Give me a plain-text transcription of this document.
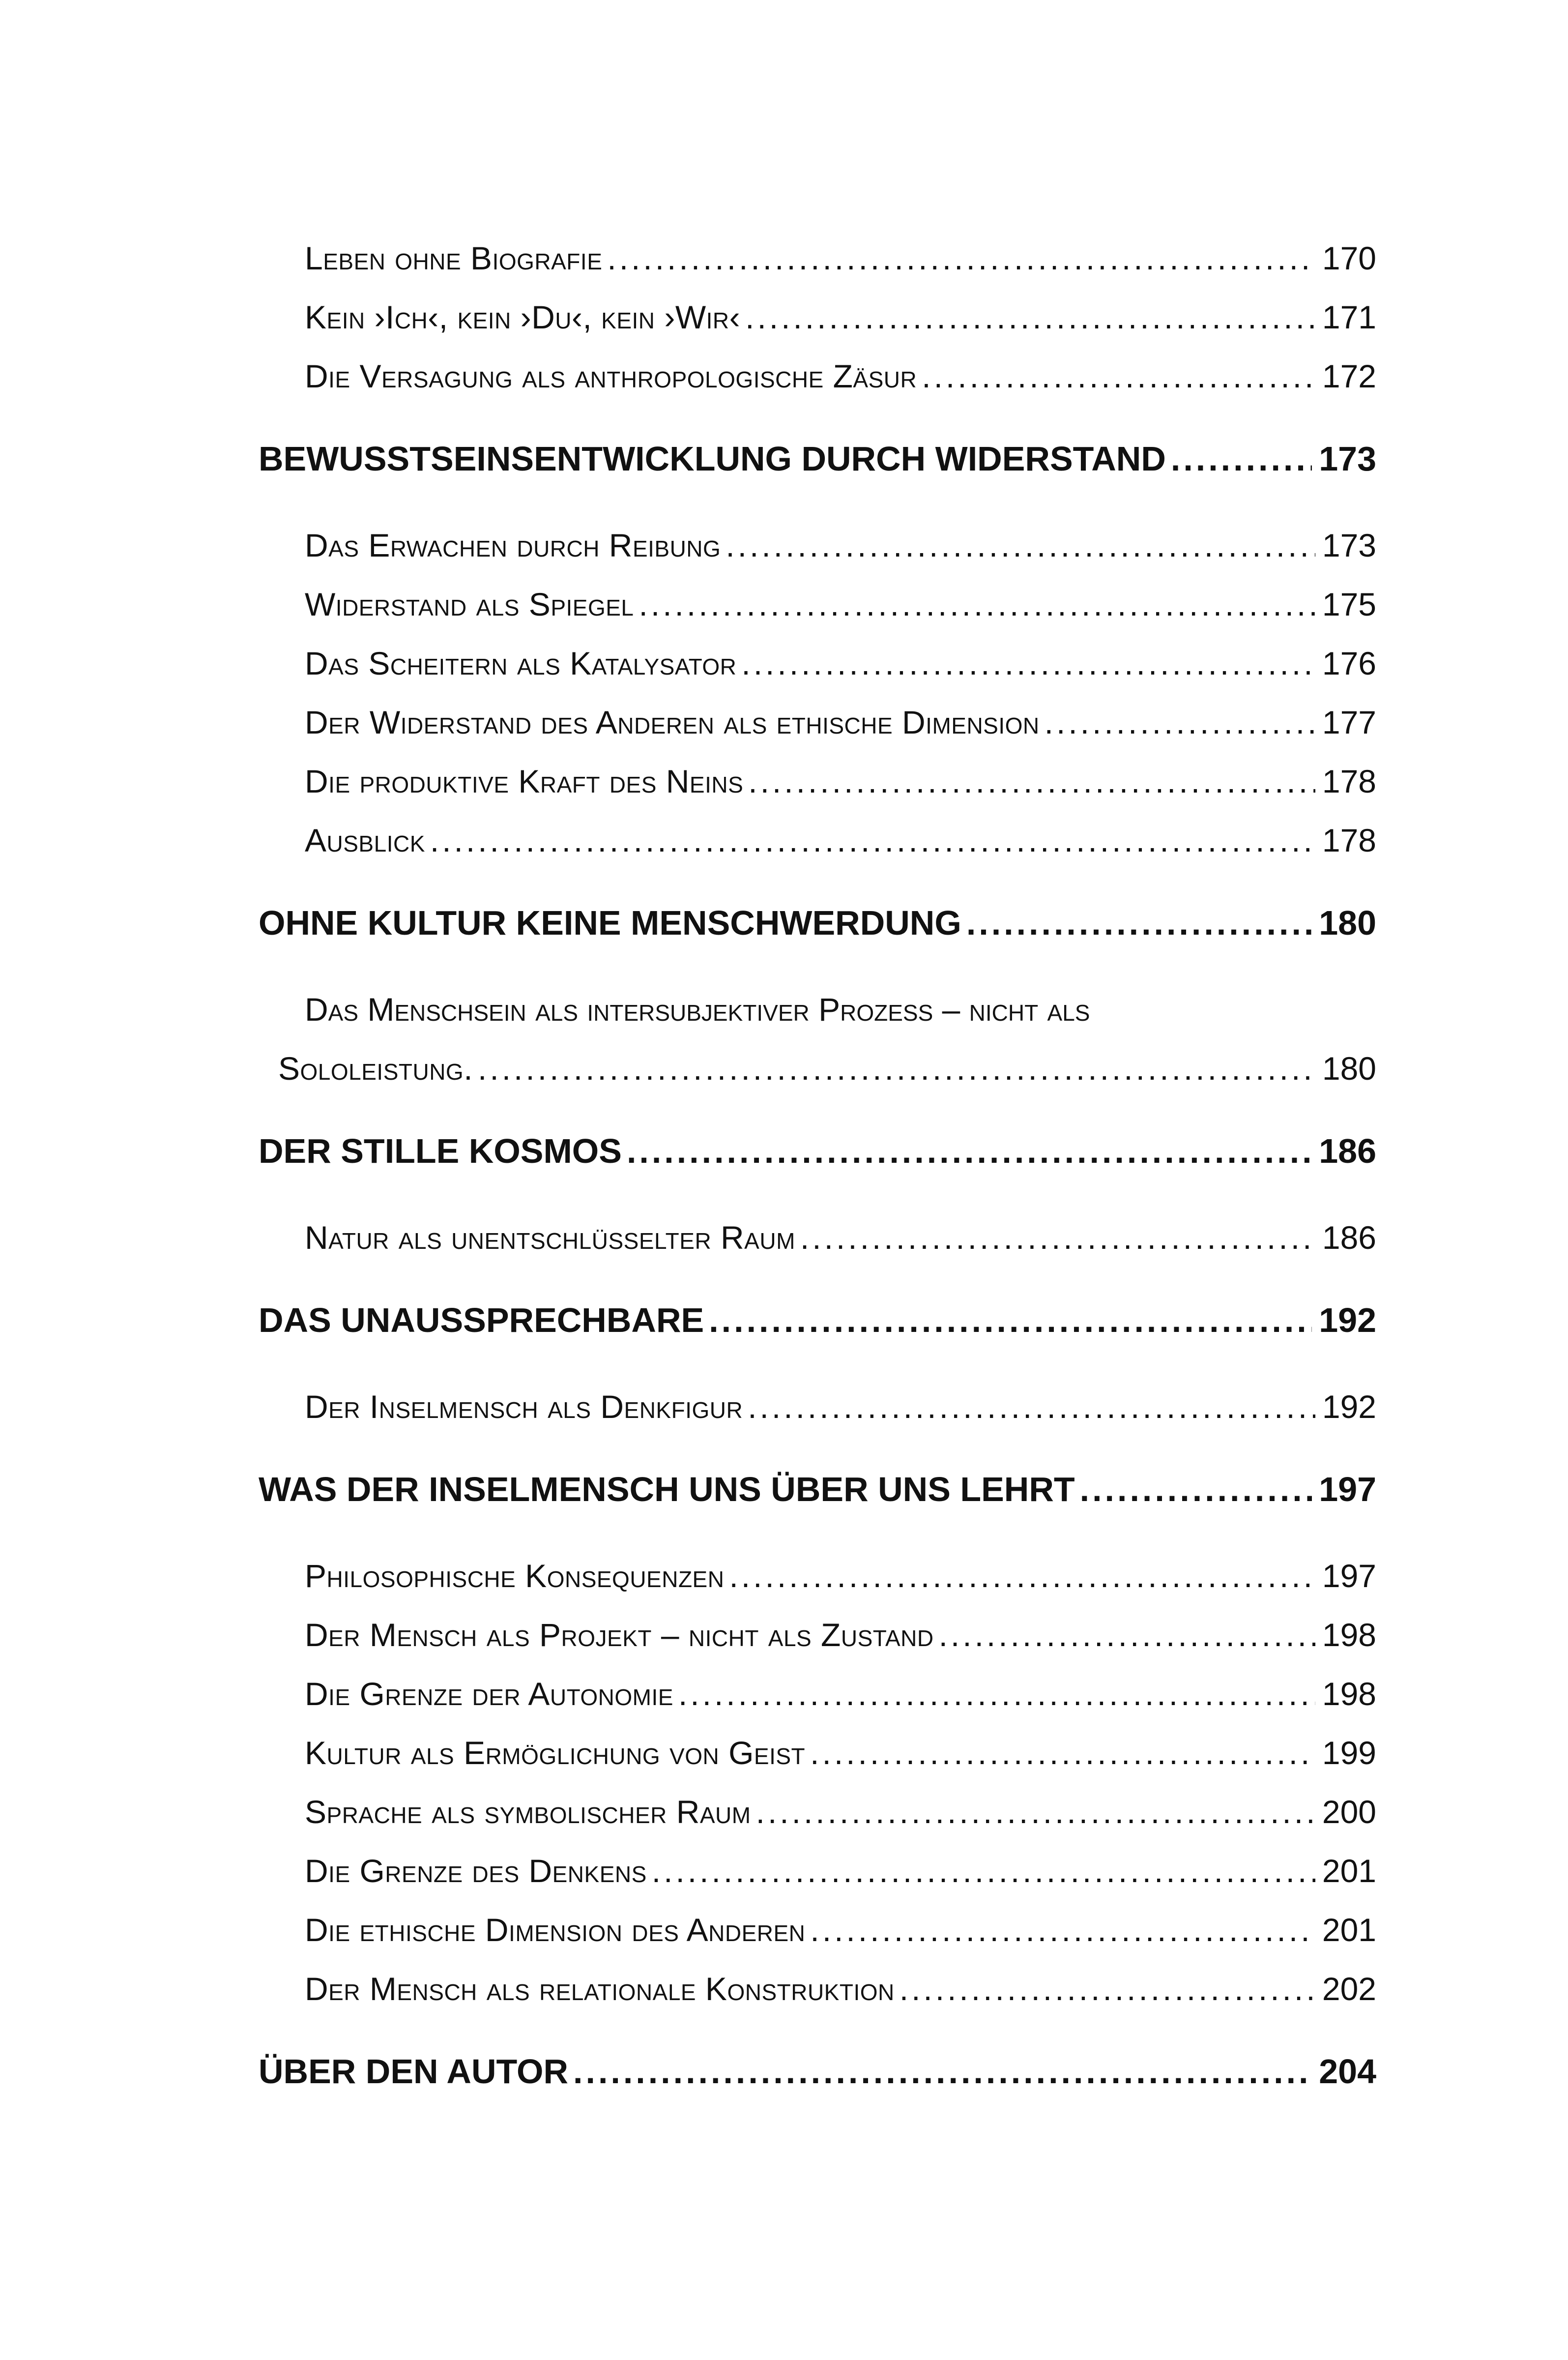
Leben ohne Biografie .....	170
Kein ›Ich‹, kein ›Du‹, kein ›Wir‹ .....	171
Die Versagung als anthropologische Zäsur .....	172
BEWUSSTSEINSENTWICKLUNG DURCH WIDERSTAND .....	173
Das Erwachen durch Reibung .....	173
Widerstand als Spiegel .....	175
Das Scheitern als Katalysator .....	176
Der Widerstand des Anderen als ethische Dimension .....	177
Die produktive Kraft des Neins .....	178
Ausblick .....	178
OHNE KULTUR KEINE MENSCHWERDUNG .....	180
Das Menschsein als intersubjektiver Prozess – nicht als
Sololeistung. .....	180
DER STILLE KOSMOS .....	186
Natur als unentschlüsselter Raum .....	186
DAS UNAUSSPRECHBARE .....	192
Der Inselmensch als Denkfigur .....	192
WAS DER INSELMENSCH UNS ÜBER UNS LEHRT .....	197
Philosophische Konsequenzen .....	197
Der Mensch als Projekt – nicht als Zustand .....	198
Die Grenze der Autonomie .....	198
Kultur als Ermöglichung von Geist .....	199
Sprache als symbolischer Raum .....	200
Die Grenze des Denkens .....	201
Die ethische Dimension des Anderen .....	201
Der Mensch als relationale Konstruktion .....	202
ÜBER DEN AUTOR .....	204
